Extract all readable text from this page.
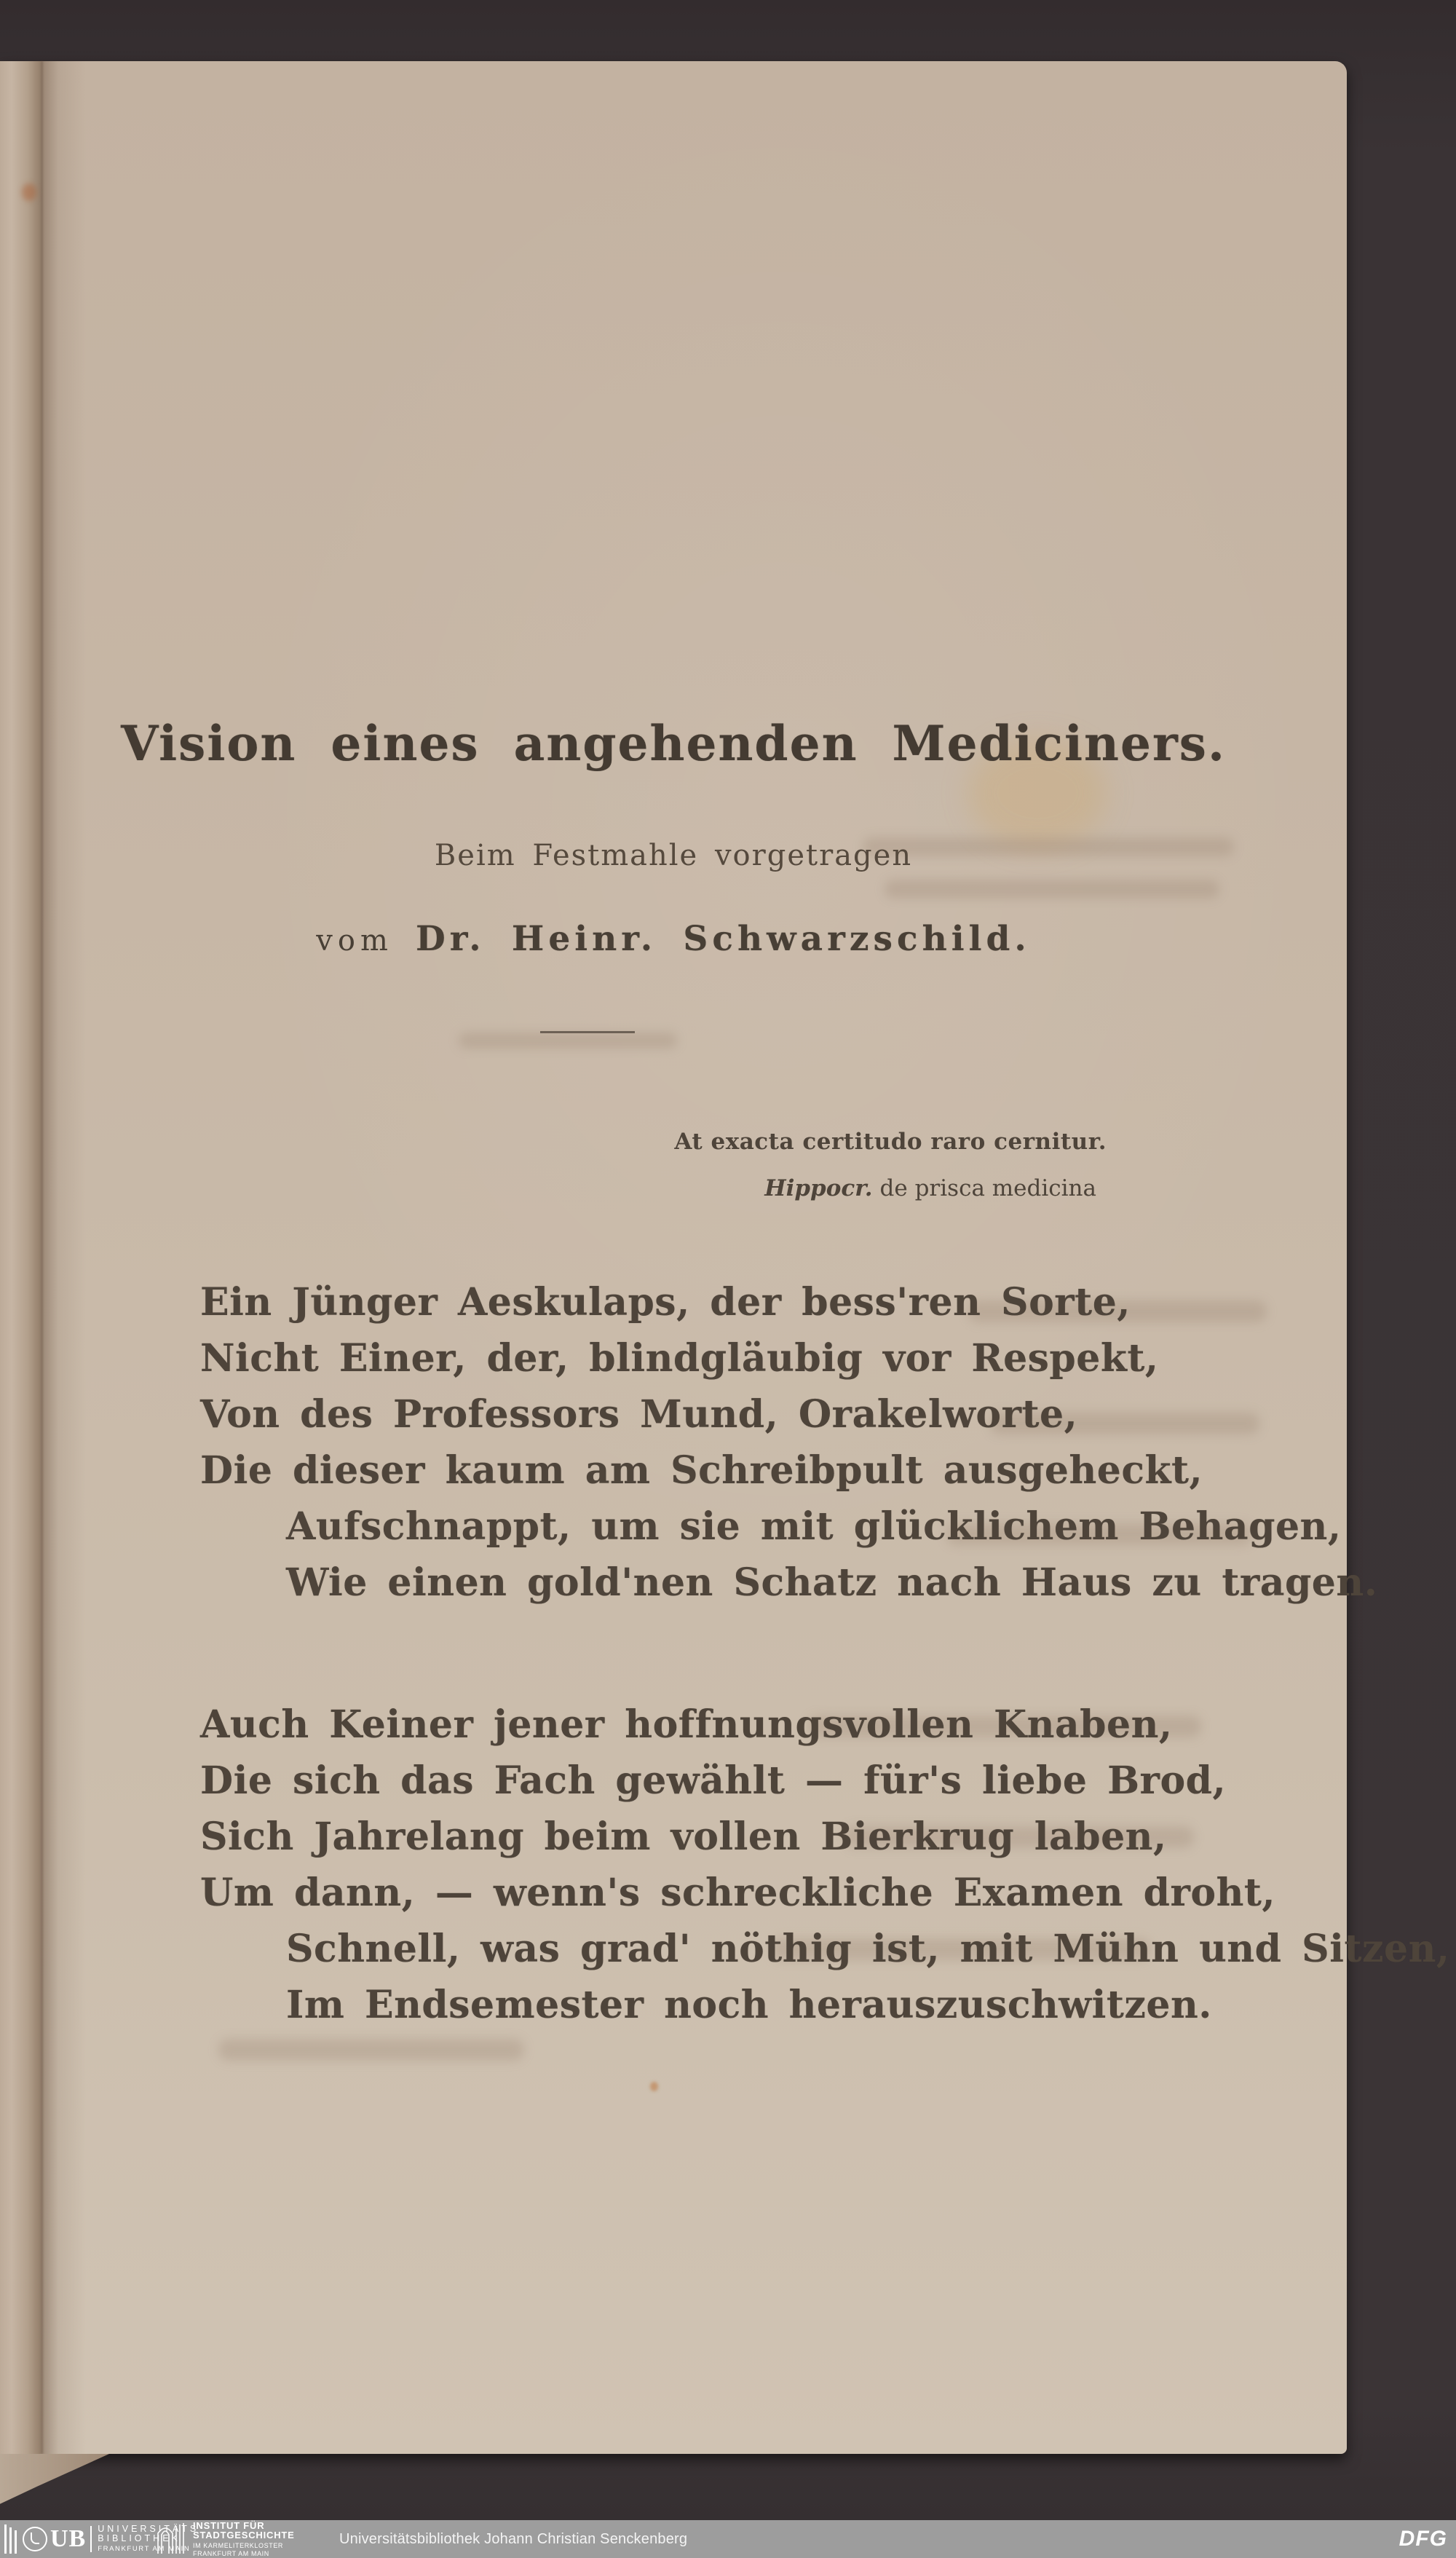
Vision eines angehenden Mediciners.
Beim Festmahle vorgetragen
vom Dr. Heinr. Schwarzschild.
At exacta certitudo raro cernitur.
Hippocr. de prisca medicina
Ein Jünger Aeskulaps, der bess'ren Sorte,
Nicht Einer, der, blindgläubig vor Respekt,
Von des Professors Mund, Orakelworte,
Die dieser kaum am Schreibpult ausgeheckt,
Aufschnappt, um sie mit glücklichem Behagen,
Wie einen gold'nen Schatz nach Haus zu tragen.
Auch Keiner jener hoffnungsvollen Knaben,
Die sich das Fach gewählt — für's liebe Brod,
Sich Jahrelang beim vollen Bierkrug laben,
Um dann, — wenn's schreckliche Examen droht,
Schnell, was grad' nöthig ist, mit Mühn und Sitzen,
Im Endsemester noch herauszuschwitzen.
UB UNIVERSITÄTS
BIBLIOTHEK
FRANKFURT AM MAIN
INSTITUT FÜR
STADTGESCHICHTE
IM KARMELITERKLOSTER
FRANKFURT AM MAIN
Universitätsbibliothek Johann Christian Senckenberg	DFG
